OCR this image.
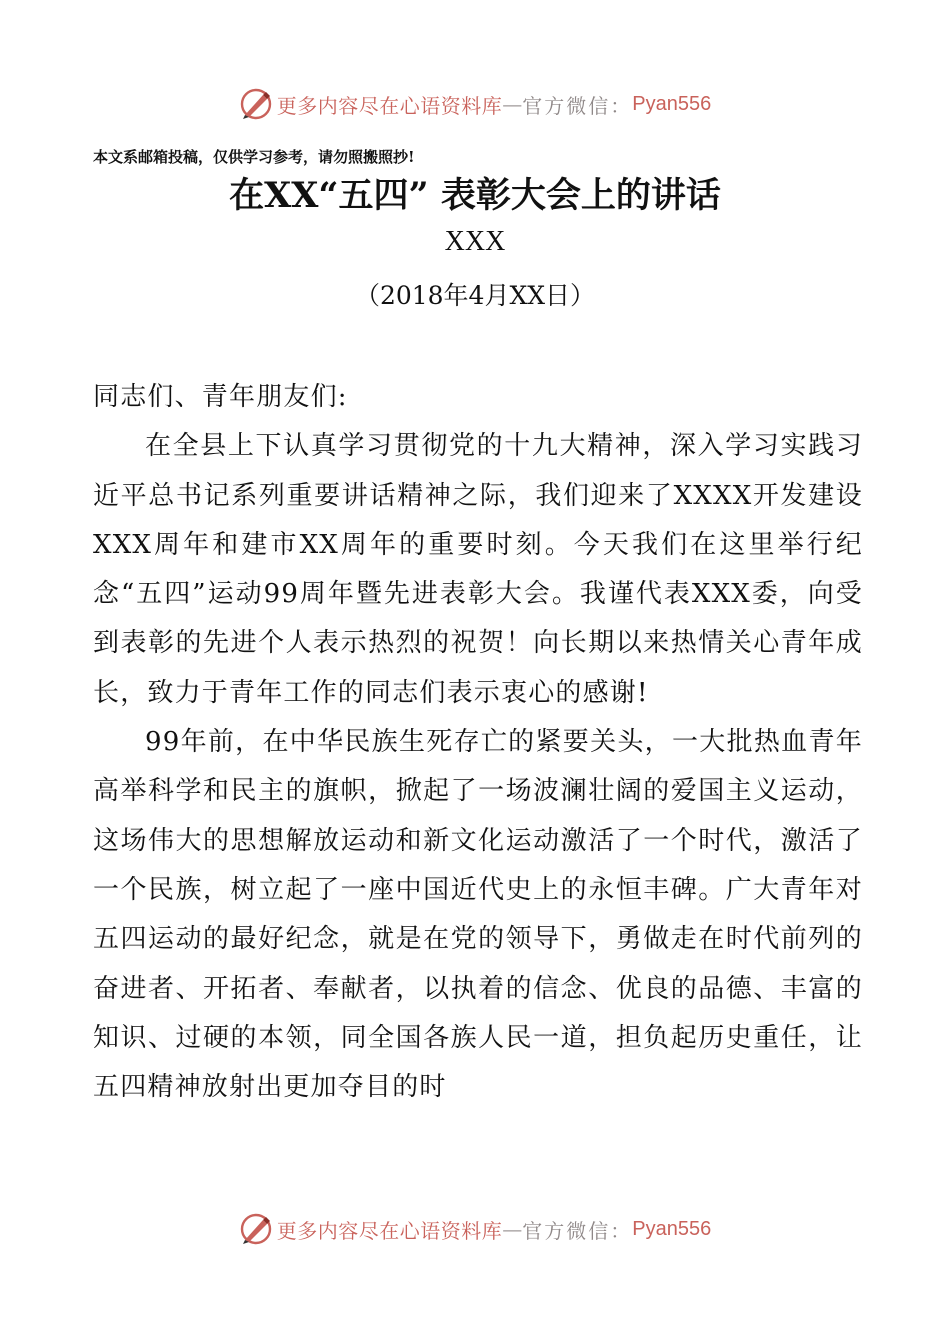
更多内容尽在心语资料库 — 官方微信： Pyan556
本文系邮箱投稿，仅供学习参考，请勿照搬照抄!
在XX“五四” 表彰大会上的讲话
XXX
（2018年4月XX日）

同志们、青年朋友们:

在全县上下认真学习贯彻党的十九大精神，深入学习实践习近平总书记系列重要讲话精神之际，我们迎来了XXXX开发建设XXX周年和建市XX周年的重要时刻。今天我们在这里举行纪念“五四”运动99周年暨先进表彰大会。我谨代表XXX委，向受到表彰的先进个人表示热烈的祝贺！向长期以来热情关心青年成长，致力于青年工作的同志们表示衷心的感谢!

99年前，在中华民族生死存亡的紧要关头，一大批热血青年高举科学和民主的旗帜，掀起了一场波澜壮阔的爱国主义运动，这场伟大的思想解放运动和新文化运动激活了一个时代，激活了一个民族，树立起了一座中国近代史上的永恒丰碑。广大青年对五四运动的最好纪念，就是在党的领导下，勇做走在时代前列的奋进者、开拓者、奉献者，以执着的信念、优良的品德、丰富的知识、过硬的本领，同全国各族人民一道，担负起历史重任，让五四精神放射出更加夺目的时

更多内容尽在心语资料库 — 官方微信： Pyan556
